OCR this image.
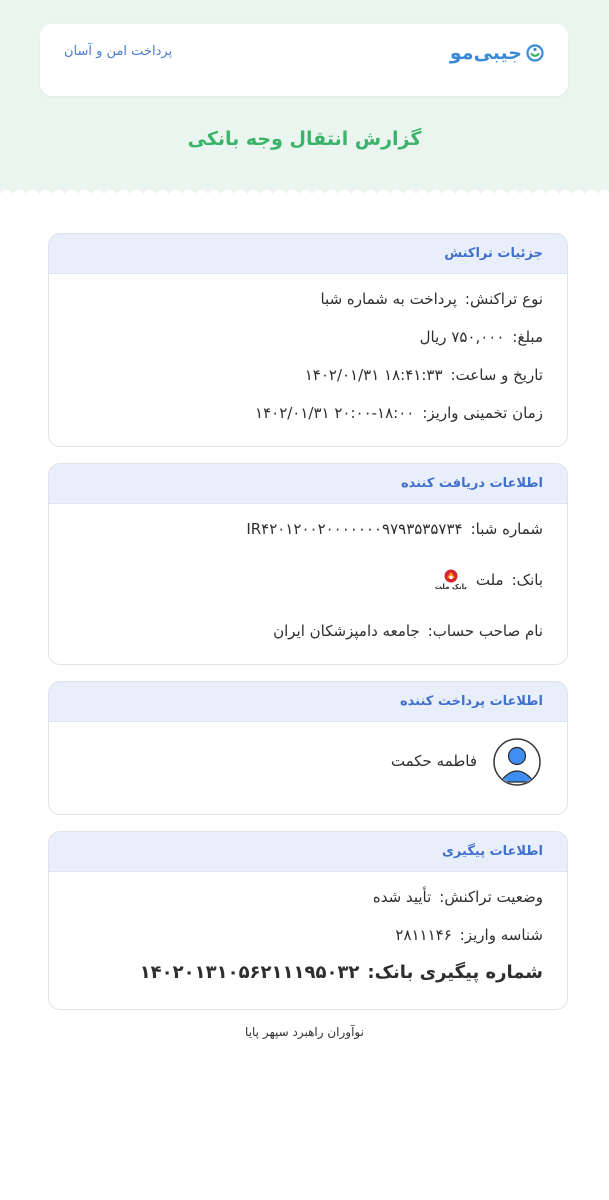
جیبی‌مو
پرداخت امن و آسان
گزارش انتقال وجه بانکی
جزئیات تراکنش
نوع تراکنش:
پرداخت به شماره شبا
مبلغ:
۷۵۰,۰۰۰ ریال
تاریخ و ساعت:
۱۴۰۲/۰۱/۳۱ ۱۸:۴۱:۳۳
زمان تخمینی واریز:
۱۴۰۲/۰۱/۳۱ ۲۰:۰۰-۱۸:۰۰
اطلاعات دریافت کننده
شماره شبا:
IR۴۲۰۱۲۰۰۲۰۰۰۰۰۰۰۹۷۹۳۵۳۵۷۳۴
بانک:
ملت
بانک ملت
نام صاحب حساب:
جامعه دامپزشکان ایران
اطلاعات پرداخت کننده
فاطمه حکمت
اطلاعات پیگیری
وضعیت تراکنش:
تأیید شده
شناسه واریز:
۲۸۱۱۱۴۶
شماره پیگیری بانک:
۱۴۰۲۰۱۳۱۰۵۶۲۱۱۱۹۵۰۳۲
نوآوران راهبرد سپهر پایا
